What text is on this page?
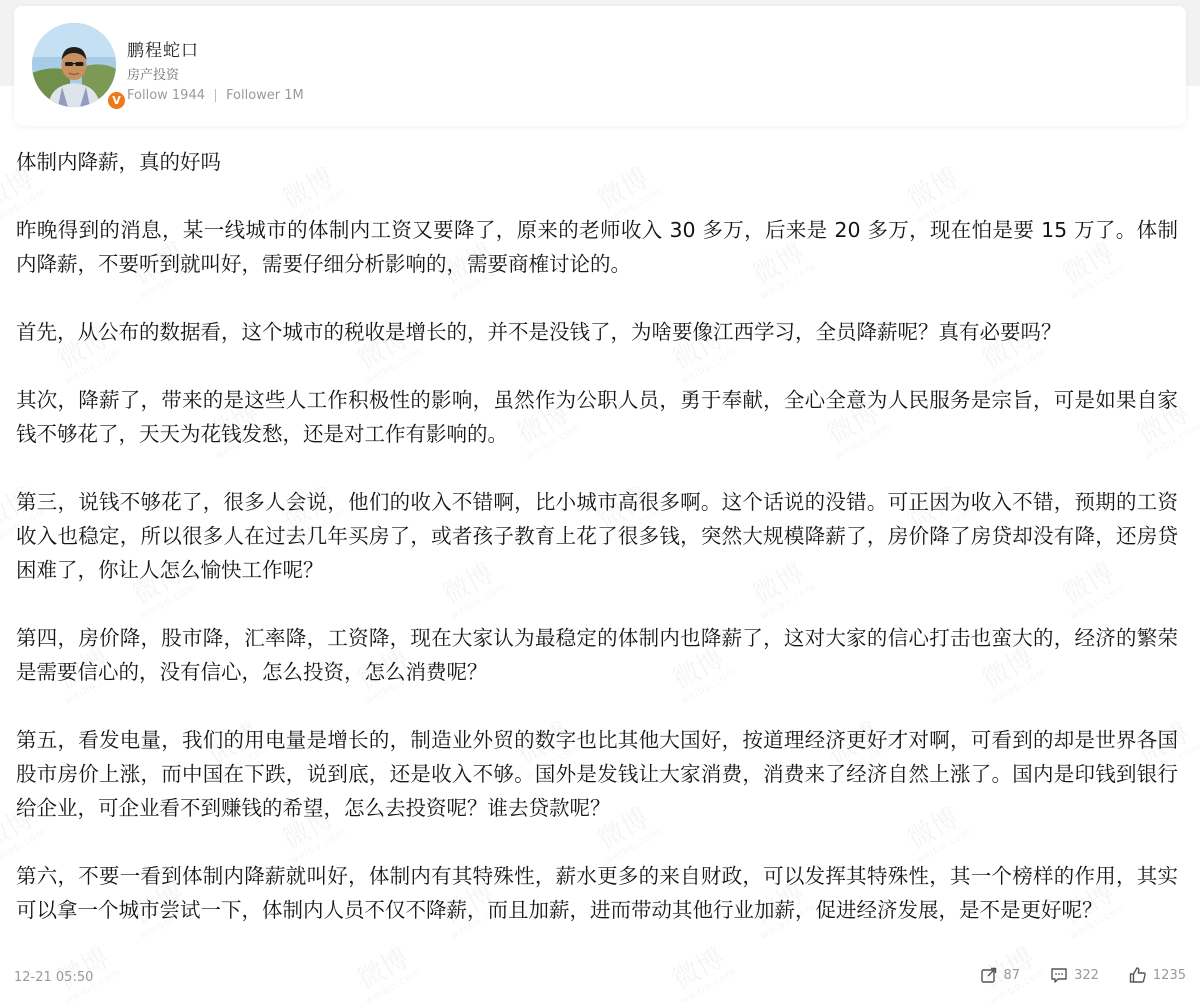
V
鹏程蛇口
房产投资
Follow 1944 Follower 1M

体制内降薪，真的好吗

昨晚得到的消息，某一线城市的体制内工资又要降了，原来的老师收入 30 多万，后来是 20 多万，现在怕是要 15 万了。体制内降薪，不要听到就叫好，需要仔细分析影响的，需要商榷讨论的。

首先，从公布的数据看，这个城市的税收是增长的，并不是没钱了，为啥要像江西学习，全员降薪呢？真有必要吗？

其次，降薪了，带来的是这些人工作积极性的影响，虽然作为公职人员，勇于奉献，全心全意为人民服务是宗旨，可是如果自家钱不够花了，天天为花钱发愁，还是对工作有影响的。

第三，说钱不够花了，很多人会说，他们的收入不错啊，比小城市高很多啊。这个话说的没错。可正因为收入不错，预期的工资收入也稳定，所以很多人在过去几年买房了，或者孩子教育上花了很多钱，突然大规模降薪了，房价降了房贷却没有降，还房贷困难了，你让人怎么愉快工作呢？

第四，房价降，股市降，汇率降，工资降，现在大家认为最稳定的体制内也降薪了，这对大家的信心打击也蛮大的，经济的繁荣是需要信心的，没有信心，怎么投资，怎么消费呢？

第五，看发电量，我们的用电量是增长的，制造业外贸的数字也比其他大国好，按道理经济更好才对啊，可看到的却是世界各国股市房价上涨，而中国在下跌，说到底，还是收入不够。国外是发钱让大家消费，消费来了经济自然上涨了。国内是印钱到银行给企业，可企业看不到赚钱的希望，怎么去投资呢？谁去贷款呢？

第六，不要一看到体制内降薪就叫好，体制内有其特殊性，薪水更多的来自财政，可以发挥其特殊性，其一个榜样的作用，其实可以拿一个城市尝试一下，体制内人员不仅不降薪，而且加薪，进而带动其他行业加薪，促进经济发展，是不是更好呢？

12-21 05:50	87	322	1235
